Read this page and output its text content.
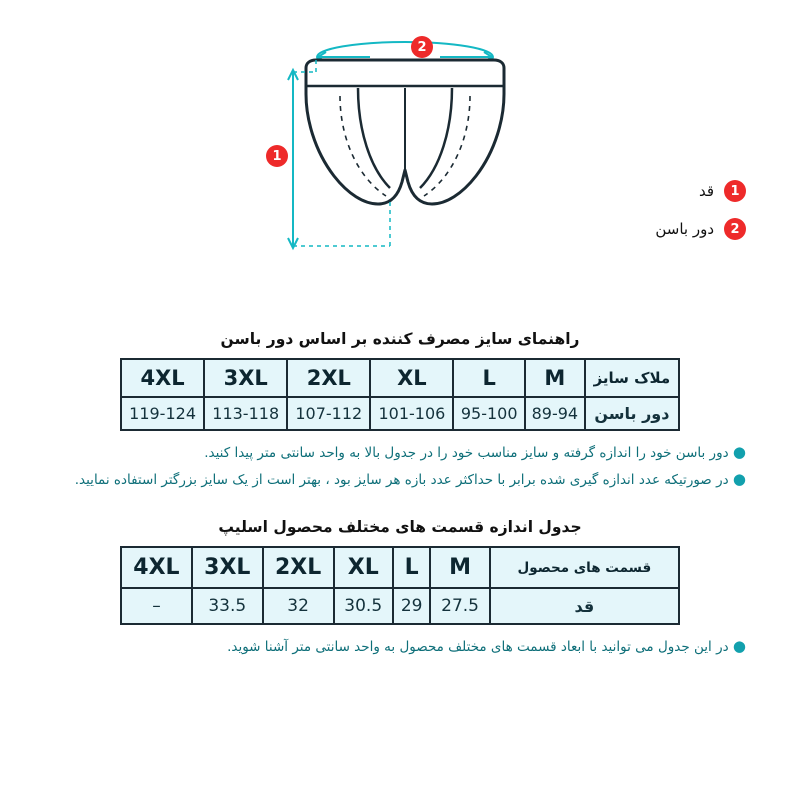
1
2
1
قد
2
دور باسن
راهنمای سایز مصرف کننده بر اساس دور باسن
ملاک سایز	M	L	XL	2XL	3XL	4XL
دور باسن	89-94	95-100	101-106	107-112	113-118	119-124
● دور باسن خود را اندازه گرفته و سایز مناسب خود را در جدول بالا به واحد سانتی متر پیدا کنید.
● در صورتیکه عدد اندازه گیری شده برابر با حداکثر عدد بازه هر سایز بود ، بهتر است از یک سایز بزرگتر استفاده نمایید.
جدول اندازه قسمت های مختلف محصول اسلیپ
قسمت های محصول	M	L	XL	2XL	3XL	4XL
قد	27.5	29	30.5	32	33.5	–
● در این جدول می توانید با ابعاد قسمت های مختلف محصول به واحد سانتی متر آشنا شوید.
